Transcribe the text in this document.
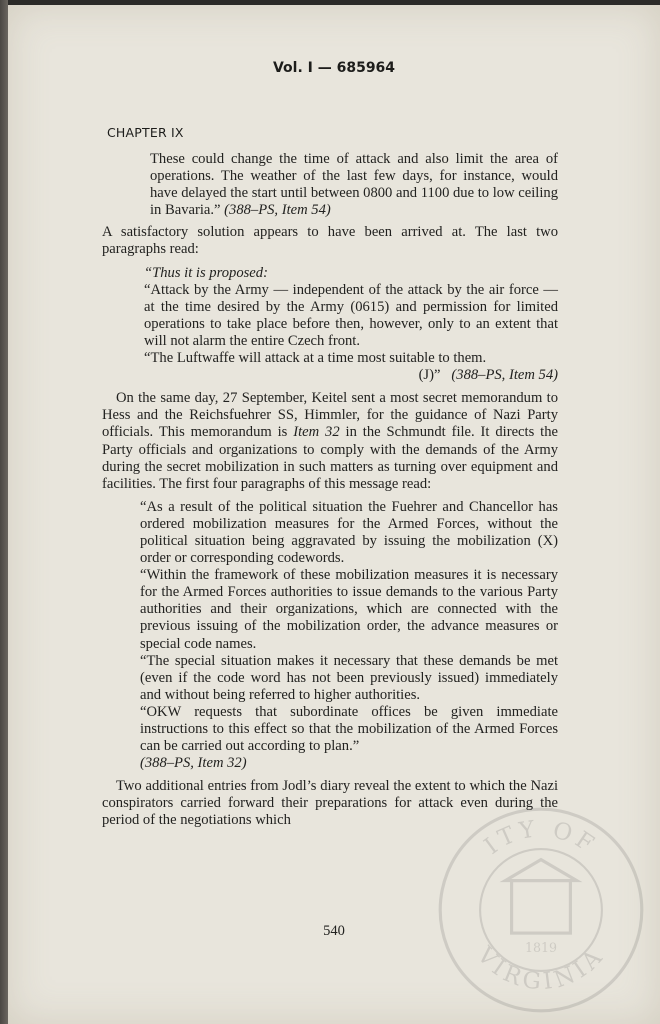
Vol. I — 685964
CHAPTER IX

These could change the time of attack and also limit the area of operations. The weather of the last few days, for instance, would have delayed the start until between 0800 and 1100 due to low ceiling in Bavaria.” (388–PS, Item 54)

A satisfactory solution appears to have been arrived at. The last two paragraphs read:

“Thus it is proposed:

“Attack by the Army — independent of the attack by the air force — at the time desired by the Army (0615) and permission for limited operations to take place before then, however, only to an extent that will not alarm the entire Czech front.

“The Luftwaffe will attack at a time most suitable to them.

(J)” (388–PS, Item 54)

On the same day, 27 September, Keitel sent a most secret memorandum to Hess and the Reichsfuehrer SS, Himmler, for the guidance of Nazi Party officials. This memorandum is Item 32 in the Schmundt file. It directs the Party officials and organizations to comply with the demands of the Army during the secret mobilization in such matters as turning over equipment and facilities. The first four paragraphs of this message read:

“As a result of the political situation the Fuehrer and Chancellor has ordered mobilization measures for the Armed Forces, without the political situation being aggravated by issuing the mobilization (X) order or corresponding codewords.

“Within the framework of these mobilization measures it is necessary for the Armed Forces authorities to issue demands to the various Party authorities and their organizations, which are connected with the previous issuing of the mobilization order, the advance measures or special code names.

“The special situation makes it necessary that these demands be met (even if the code word has not been previously issued) immediately and without being referred to higher authorities.

“OKW requests that subordinate offices be given immediate instructions to this effect so that the mobilization of the Armed Forces can be carried out according to plan.”

(388–PS, Item 32)

Two additional entries from Jodl’s diary reveal the extent to which the Nazi conspirators carried forward their preparations for attack even during the period of the negotiations which

540
ITY OF
VIRGINIA
1819
